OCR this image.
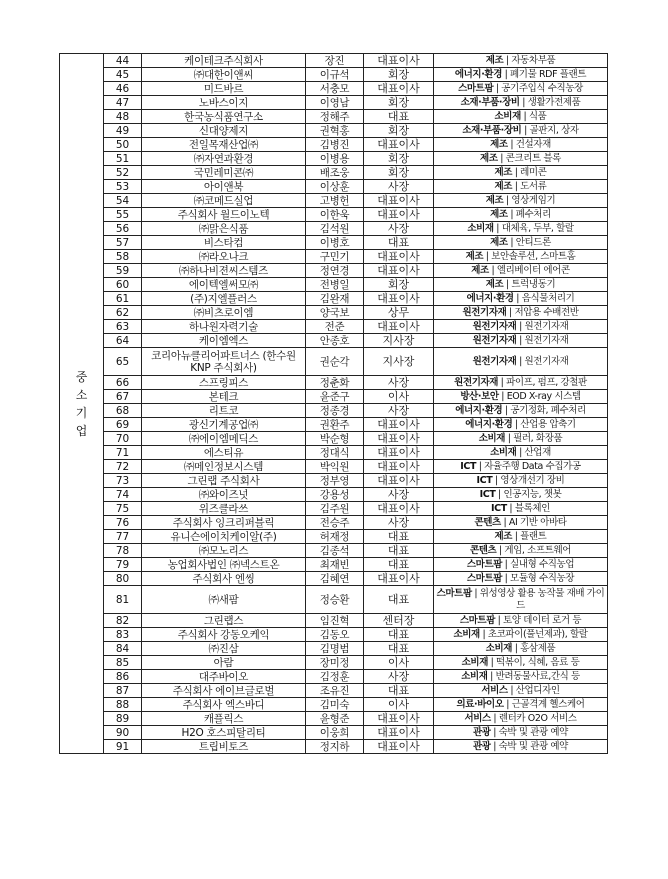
중소기업	44	케이테크주식회사	장진	대표이사	제조 | 자동차부품
	45	㈜대한이앤씨	이규석	회장	에너지·환경 | 폐기물 RDF 플랜트
	46	미드바르	서충모	대표이사	스마트팜 | 공기주입식 수직농장
	47	노바스이지	이영남	회장	소재·부품·장비 | 생활가전제품
	48	한국농식품연구소	정해주	대표	소비재 | 식품
	49	신대양제지	권혁홍	회장	소재·부품·장비 | 골판지, 상자
	50	전일목재산업㈜	김병진	대표이사	제조 | 건설자재
	51	㈜자연과환경	이병용	회장	제조 | 콘크리트 블록
	52	국민레미콘㈜	배조웅	회장	제조 | 레미콘
	53	아이앤북	이상훈	사장	제조 | 도서류
	54	㈜코메드실업	고병헌	대표이사	제조 | 영상게임기
	55	주식회사 월드이노텍	이한욱	대표이사	제조 | 폐수처리
	56	㈜맑은식품	김석원	사장	소비재 | 대체육, 두부, 할랄
	57	비스타컴	이병호	대표	제조 | 안티드론
	58	㈜라오나크	구민기	대표이사	제조 | 보안솔루션, 스마트홈
	59	㈜하나비젼씨스템즈	정연경	대표이사	제조 | 엘리베이터 에어콘
	60	에이텍엘써모㈜	전병일	회장	제조 | 트럭냉동기
	61	(주)지엘플러스	김완재	대표이사	에너지·환경 | 음식물처리기
	62	㈜비츠로이엠	양국보	상무	원전기자재 | 저압용 수배전반
	63	하나원자력기술	전준	대표이사	원전기자재 | 원전기자재
	64	케이엠엑스	안종호	지사장	원전기자재 | 원전기자재
	65	코리아뉴클리어파트너스 (한수원 KNP 주식회사)	권순각	지사장	원전기자재 | 원전기자재
	66	스프링피스	정춘화	사장	원전기자재 | 파이프, 펌프, 강철판
	67	본테크	윤준구	이사	방산·보안 | EOD X-ray 시스템
	68	리트코	정종경	사장	에너지·환경 | 공기정화, 폐수처리
	69	광신기계공업㈜	권환주	대표이사	에너지·환경 | 산업용 압축기
	70	㈜에이엠메딕스	박순형	대표이사	소비재 | 필러, 화장품
	71	에스티유	정대식	대표이사	소비재 | 산업재
	72	㈜메인정보시스템	박익원	대표이사	ICT | 자율주행 Data 수집가공
	73	그린랩 주식회사	정부영	대표이사	ICT | 영상개선기 장비
	74	㈜와이즈넛	강용성	사장	ICT | 인공지능, 챗봇
	75	위즈클라쓰	김주원	대표이사	ICT | 블록체인
	76	주식회사 잉크리퍼블릭	전승주	사장	콘텐츠 | AI 기반 아바타
	77	유니슨에이치케이알(주)	허재정	대표	제조 | 플랜트
	78	㈜모노리스	김종석	대표	콘텐츠 | 게임, 소프트웨어
	79	농업회사법인 ㈜넥스트온	최재빈	대표	스마트팜 | 실내형 수직농업
	80	주식회사 엔씽	김혜연	대표이사	스마트팜 | 모듈형 수직농장
	81	㈜새팜	정승환	대표	스마트팜 | 위성영상 활용 농작물 재배 가이드
	82	그린랩스	임진혁	센터장	스마트팜 | 토양 데이터 로거 등
	83	주식회사 강동오케익	김동오	대표	소비재 | 초코파이(풀넌제과), 할랄
	84	㈜진삼	김명범	대표	소비재 | 홍삼제품
	85	아람	장미정	이사	소비재 | 떡볶이, 식혜, 음료 등
	86	대주바이오	김정훈	사장	소비재 | 반려동물사료,간식 등
	87	주식회사 에이브글로벌	조유진	대표	서비스 | 산업디자인
	88	주식회사 엑스바디	김미숙	이사	의료·바이오 | 근골격계 헬스케어
	89	캐플릭스	윤형준	대표이사	서비스 | 렌터카 O2O 서비스
	90	H2O 호스피탈리티	이웅희	대표이사	관광 | 숙박 및 관광 예약
	91	트립비토즈	정지하	대표이사	관광 | 숙박 및 관광 예약
